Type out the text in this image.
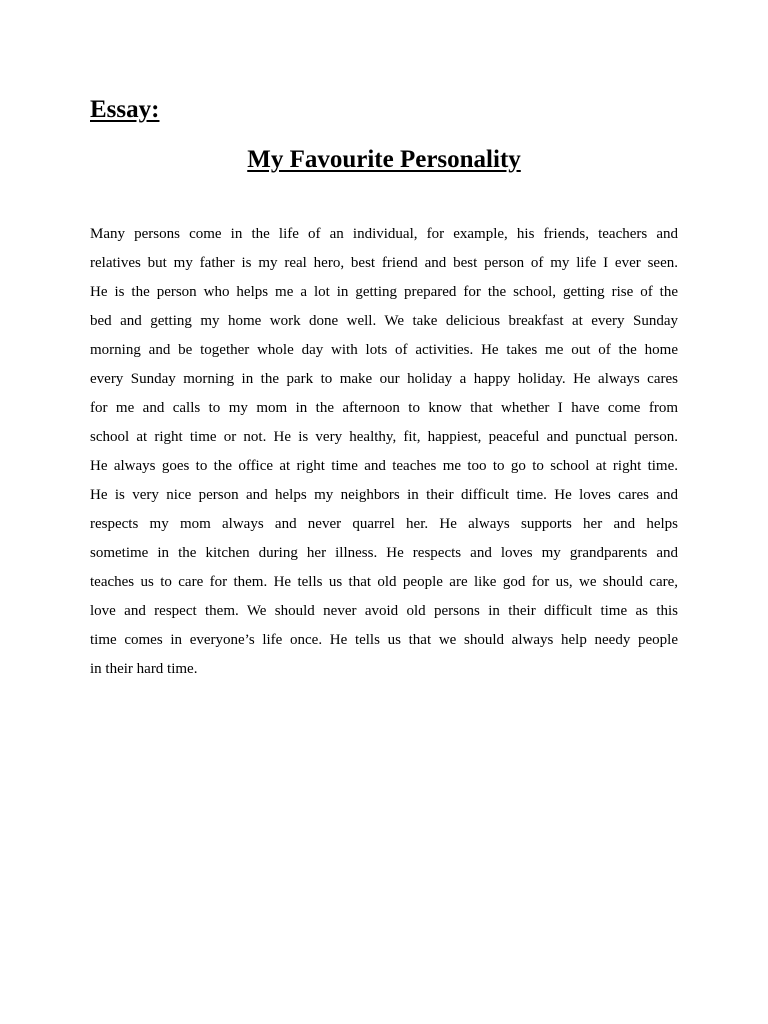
Essay:
My Favourite Personality
Many persons come in the life of an individual, for example, his friends, teachers and
relatives but my father is my real hero, best friend and best person of my life I ever seen.
He is the person who helps me a lot in getting prepared for the school, getting rise of the
bed and getting my home work done well. We take delicious breakfast at every Sunday
morning and be together whole day with lots of activities. He takes me out of the home
every Sunday morning in the park to make our holiday a happy holiday. He always cares
for me and calls to my mom in the afternoon to know that whether I have come from
school at right time or not. He is very healthy, fit, happiest, peaceful and punctual person.
He always goes to the office at right time and teaches me too to go to school at right time.
He is very nice person and helps my neighbors in their difficult time. He loves cares and
respects my mom always and never quarrel her. He always supports her and helps
sometime in the kitchen during her illness. He respects and loves my grandparents and
teaches us to care for them. He tells us that old people are like god for us, we should care,
love and respect them. We should never avoid old persons in their difficult time as this
time comes in everyone’s life once. He tells us that we should always help needy people
in their hard time.
